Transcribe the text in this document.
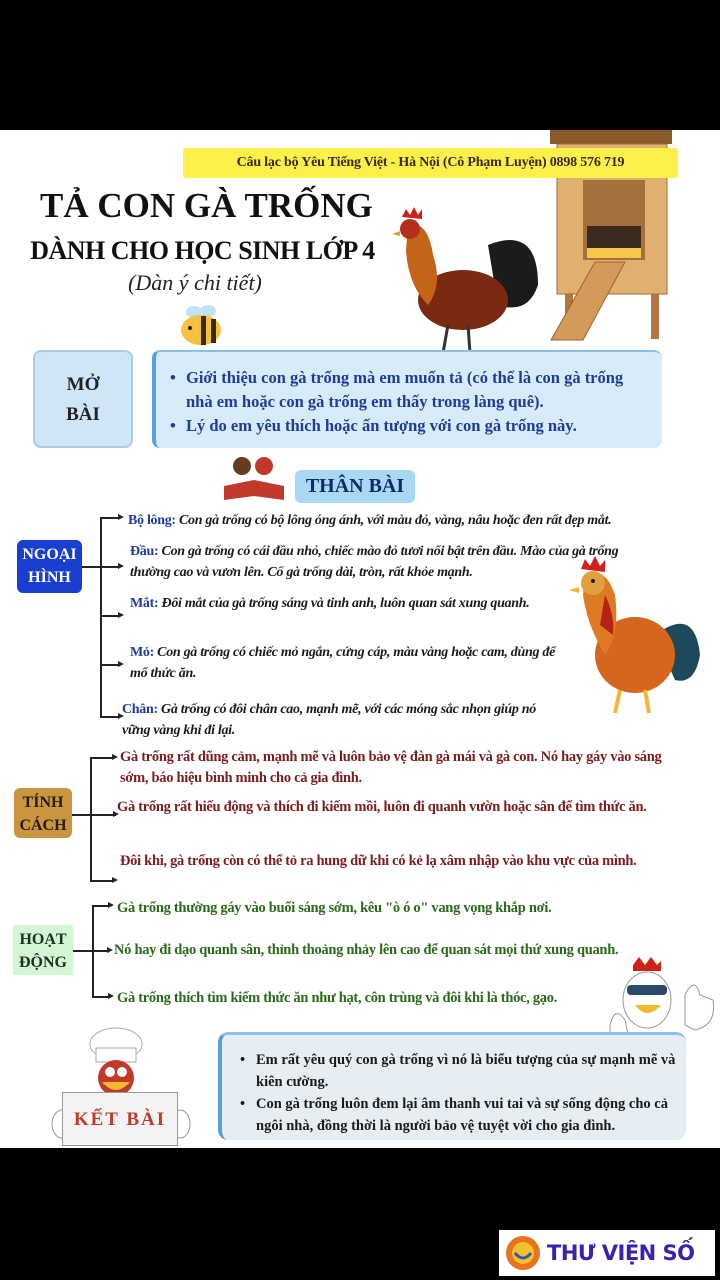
Câu lạc bộ Yêu Tiếng Việt - Hà Nội (Cô Phạm Luyện) 0898 576 719
TẢ CON GÀ TRỐNG
DÀNH CHO HỌC SINH LỚP 4
(Dàn ý chi tiết)
MỞ
BÀI
• Giới thiệu con gà trống mà em muốn tả (có thể là con gà trống nhà em hoặc con gà trống em thấy trong làng quê).
• Lý do em yêu thích hoặc ấn tượng với con gà trống này.
THÂN BÀI
NGOẠI
HÌNH
Bộ lông: Con gà trống có bộ lông óng ánh, với màu đỏ, vàng, nâu hoặc đen rất đẹp mắt.
Đầu: Con gà trống có cái đầu nhỏ, chiếc mào đỏ tươi nổi bật trên đầu. Mào của gà trống thường cao và vươn lên. Cổ gà trống dài, tròn, rất khỏe mạnh.
Mắt: Đôi mắt của gà trống sáng và tinh anh, luôn quan sát xung quanh.
Mỏ: Con gà trống có chiếc mỏ ngắn, cứng cáp, màu vàng hoặc cam, dùng để mổ thức ăn.
Chân: Gà trống có đôi chân cao, mạnh mẽ, với các móng sắc nhọn giúp nó vững vàng khi đi lại.
TÍNH
CÁCH
Gà trống rất dũng cảm, mạnh mẽ và luôn bảo vệ đàn gà mái và gà con. Nó hay gáy vào sáng sớm, báo hiệu bình minh cho cả gia đình.
Gà trống rất hiếu động và thích đi kiếm mồi, luôn đi quanh vườn hoặc sân để tìm thức ăn.
Đôi khi, gà trống còn có thể tỏ ra hung dữ khi có kẻ lạ xâm nhập vào khu vực của mình.
HOẠT
ĐỘNG
Gà trống thường gáy vào buổi sáng sớm, kêu "ò ó o" vang vọng khắp nơi.
Nó hay đi dạo quanh sân, thỉnh thoảng nhảy lên cao để quan sát mọi thứ xung quanh.
Gà trống thích tìm kiếm thức ăn như hạt, côn trùng và đôi khi là thóc, gạo.
KẾT BÀI
• Em rất yêu quý con gà trống vì nó là biểu tượng của sự mạnh mẽ và kiên cường.
• Con gà trống luôn đem lại âm thanh vui tai và sự sống động cho cả ngôi nhà, đồng thời là người bảo vệ tuyệt vời cho gia đình.
THƯ VIỆN SỐ
